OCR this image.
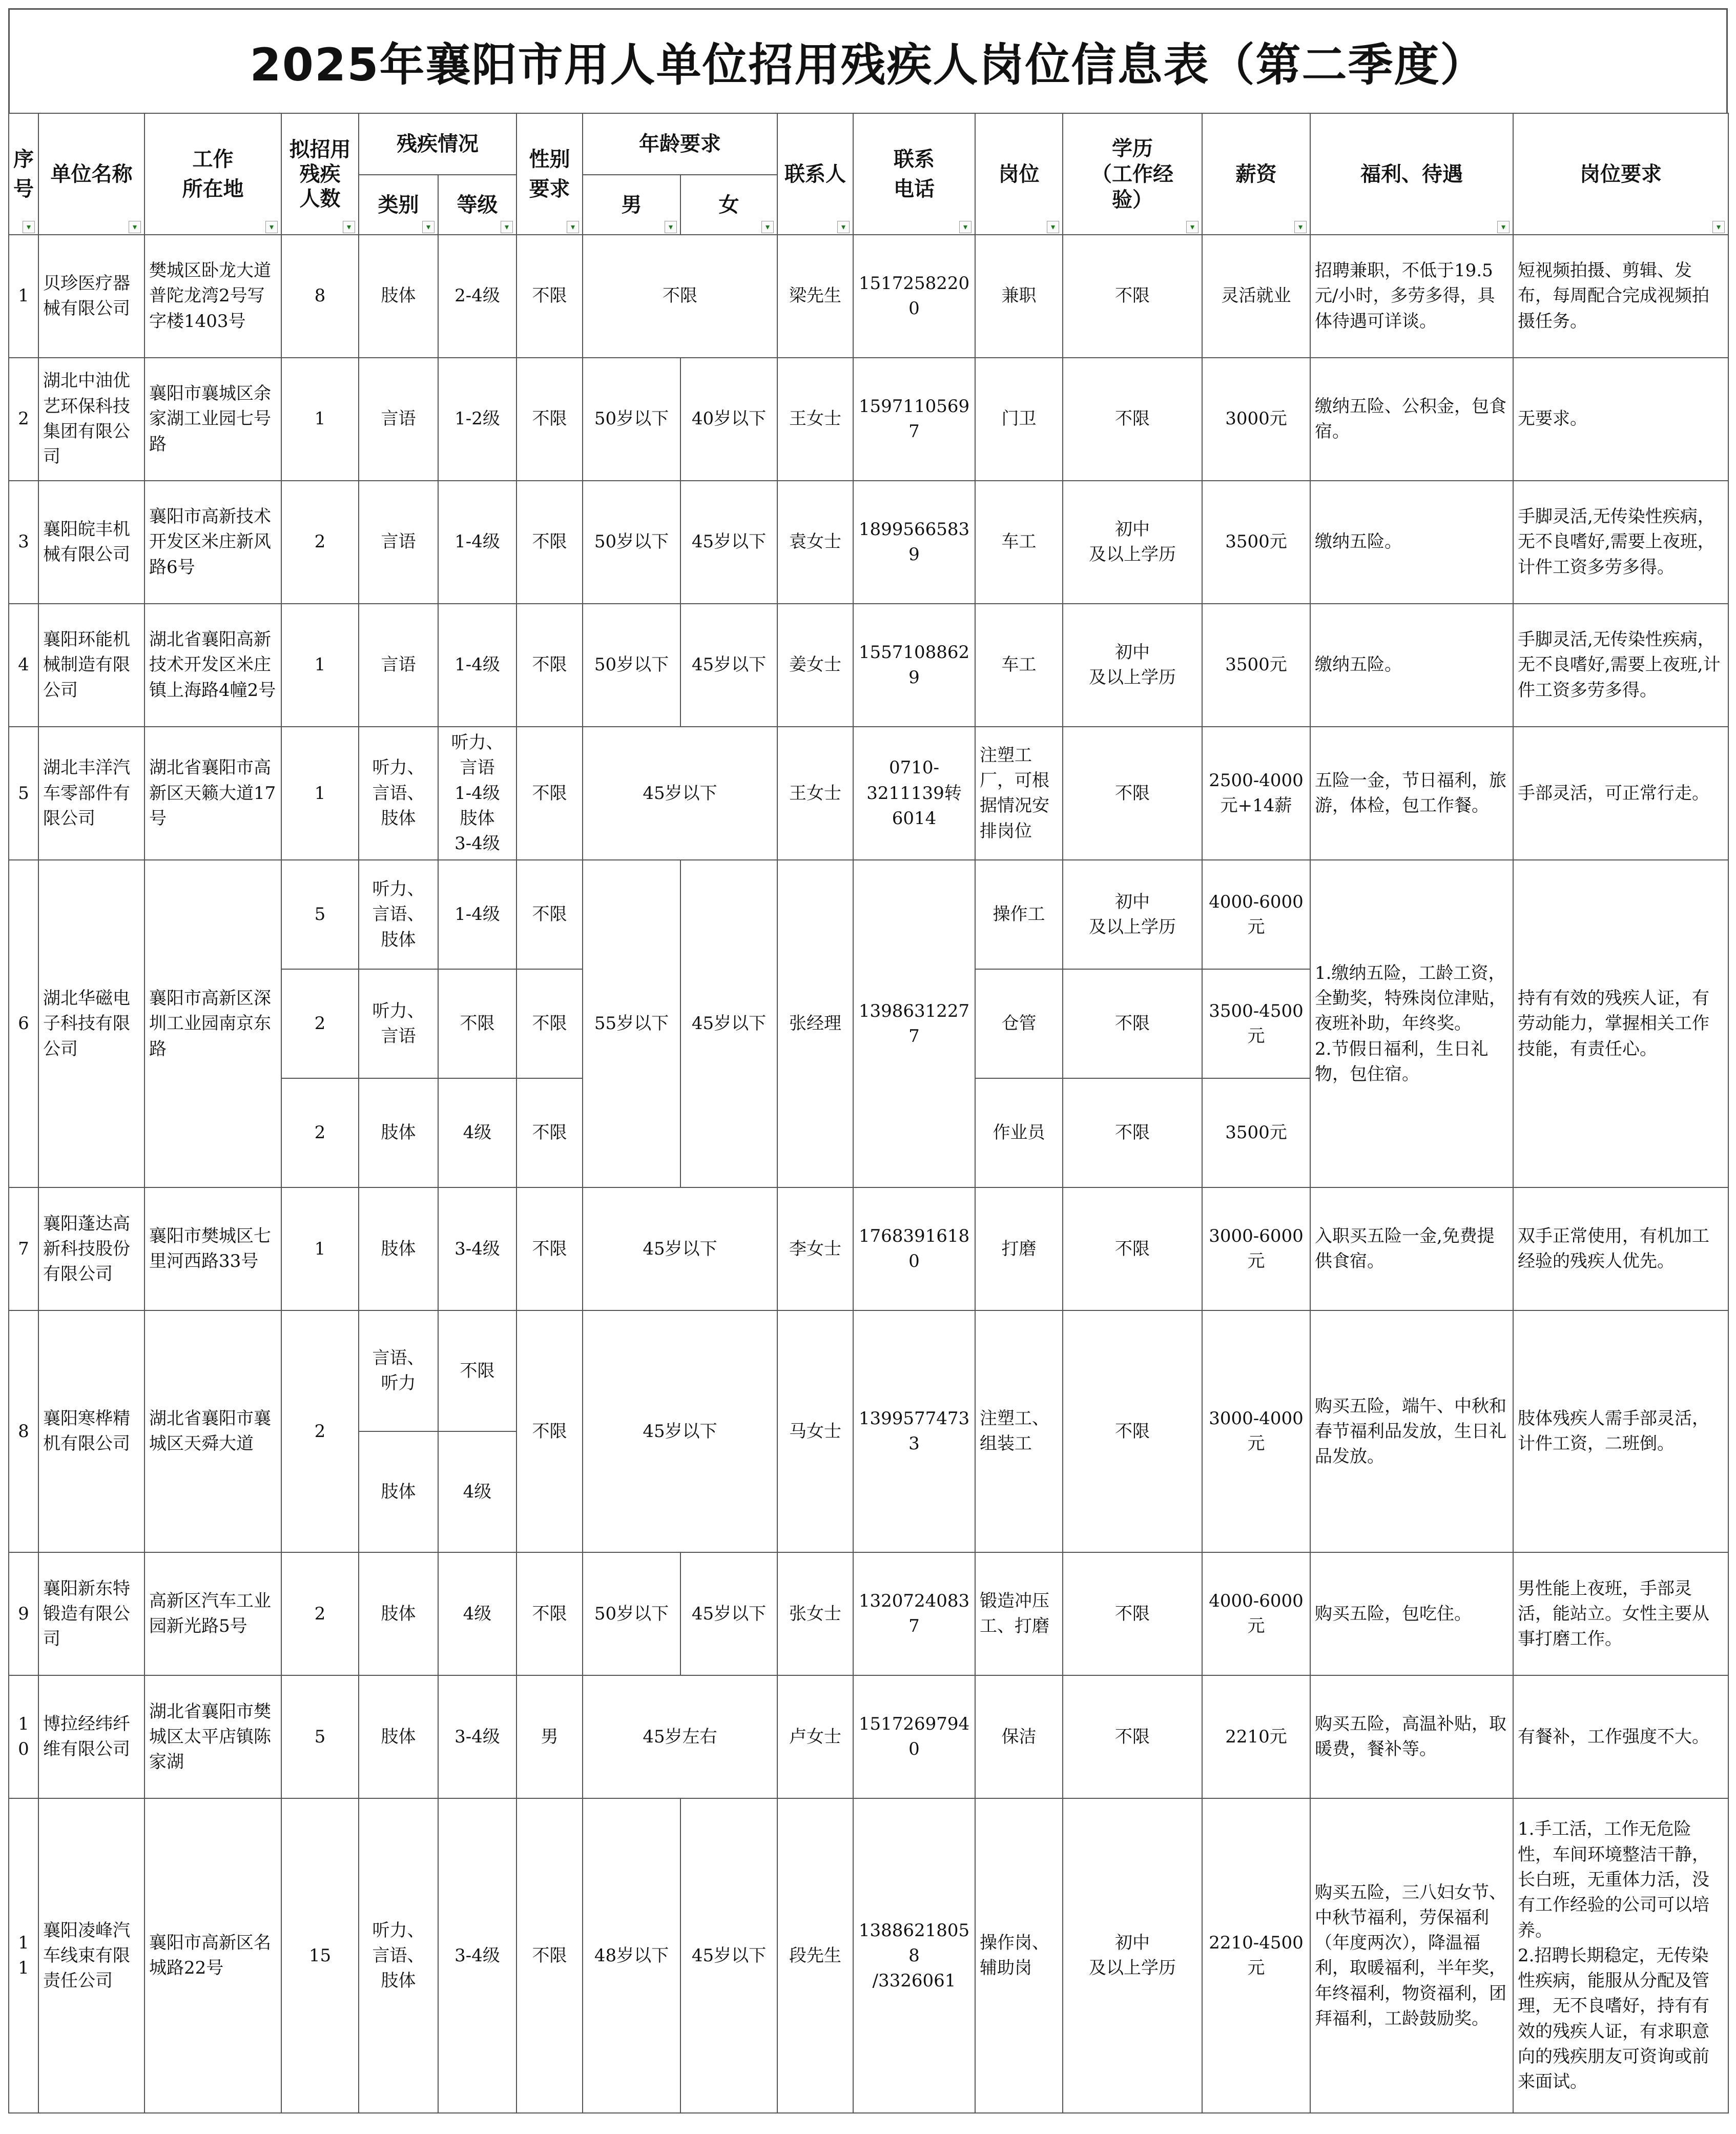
2025年襄阳市用人单位招用残疾人岗位信息表（第二季度）
序号 ▾	单位名称 ▾	工作
所在地 ▾	拟招用
残疾
人数 ▾	残疾情况		性别
要求 ▾	年龄要求		联系人 ▾	联系
电话 ▾	岗位 ▾	学历
（工作经
验） ▾	薪资 ▾	福利、待遇 ▾	岗位要求 ▾
				类别 ▾	等级 ▾		男 ▾	女 ▾
1	贝珍医疗器械有限公司	樊城区卧龙大道普陀龙湾2号写字楼1403号	8	肢体	2-4级	不限	不限		梁先生	15172582200	兼职	不限	灵活就业	招聘兼职，不低于19.5元/小时，多劳多得，具体待遇可详谈。	短视频拍摄、剪辑、发布，每周配合完成视频拍摄任务。
2	湖北中油优艺环保科技集团有限公司	襄阳市襄城区余家湖工业园七号路	1	言语	1-2级	不限	50岁以下	40岁以下	王女士	15971105697	门卫	不限	3000元	缴纳五险、公积金，包食宿。	无要求。
3	襄阳皖丰机械有限公司	襄阳市高新技术开发区米庄新风路6号	2	言语	1-4级	不限	50岁以下	45岁以下	袁女士	18995665839	车工	初中
及以上学历	3500元	缴纳五险。	手脚灵活,无传染性疾病，无不良嗜好,需要上夜班，计件工资多劳多得。
4	襄阳环能机械制造有限公司	湖北省襄阳高新技术开发区米庄镇上海路4幢2号	1	言语	1-4级	不限	50岁以下	45岁以下	姜女士	15571088629	车工	初中
及以上学历	3500元	缴纳五险。	手脚灵活,无传染性疾病，无不良嗜好,需要上夜班,计件工资多劳多得。
5	湖北丰洋汽车零部件有限公司	湖北省襄阳市高新区天籁大道17号	1	听力、
言语、
肢体	听力、
言语
1-4级
肢体
3-4级	不限	45岁以下		王女士	0710-
3211139转
6014	注塑工厂，可根据情况安排岗位	不限	2500-4000元+14薪	五险一金，节日福利，旅游，体检，包工作餐。	手部灵活，可正常行走。
6	湖北华磁电子科技有限公司	襄阳市高新区深圳工业园南京东路	5	听力、
言语、
肢体	1-4级	不限	55岁以下	45岁以下	张经理	13986312277	操作工	初中
及以上学历	4000-6000元	1.缴纳五险，工龄工资，全勤奖，特殊岗位津贴，夜班补助，年终奖。
2.节假日福利，生日礼物，包住宿。	持有有效的残疾人证，有劳动能力，掌握相关工作技能，有责任心。
			2	听力、
言语	不限	不限					仓管	不限	3500-4500元		
			2	肢体	4级	不限					作业员	不限	3500元		
7	襄阳蓬达高新科技股份有限公司	襄阳市樊城区七里河西路33号	1	肢体	3-4级	不限	45岁以下		李女士	17683916180	打磨	不限	3000-6000元	入职买五险一金,免费提供食宿。	双手正常使用，有机加工经验的残疾人优先。
8	襄阳寒桦精机有限公司	湖北省襄阳市襄城区天舜大道	2	言语、
听力	不限	不限	45岁以下		马女士	13995774733	注塑工、组装工	不限	3000-4000元	购买五险，端午、中秋和春节福利品发放，生日礼品发放。	肢体残疾人需手部灵活，计件工资，二班倒。
				肢体	4级										
9	襄阳新东特锻造有限公司	高新区汽车工业园新光路5号	2	肢体	4级	不限	50岁以下	45岁以下	张女士	13207240837	锻造冲压工、打磨	不限	4000-6000元	购买五险，包吃住。	男性能上夜班，手部灵活，能站立。女性主要从事打磨工作。
10	博拉经纬纤维有限公司	湖北省襄阳市樊城区太平店镇陈家湖	5	肢体	3-4级	男	45岁左右		卢女士	15172697940	保洁	不限	2210元	购买五险，高温补贴，取暖费，餐补等。	有餐补，工作强度不大。
11	襄阳凌峰汽车线束有限责任公司	襄阳市高新区名城路22号	15	听力、
言语、
肢体	3-4级	不限	48岁以下	45岁以下	段先生	13886218058
/3326061	操作岗、辅助岗	初中
及以上学历	2210-4500元	购买五险，三八妇女节、中秋节福利，劳保福利（年度两次），降温福利，取暖福利，半年奖，年终福利，物资福利，团拜福利，工龄鼓励奖。	1.手工活，工作无危险性，车间环境整洁干静，长白班，无重体力活，没有工作经验的公司可以培养。
2.招聘长期稳定，无传染性疾病，能服从分配及管理，无不良嗜好，持有有效的残疾人证，有求职意向的残疾朋友可资询或前来面试。
